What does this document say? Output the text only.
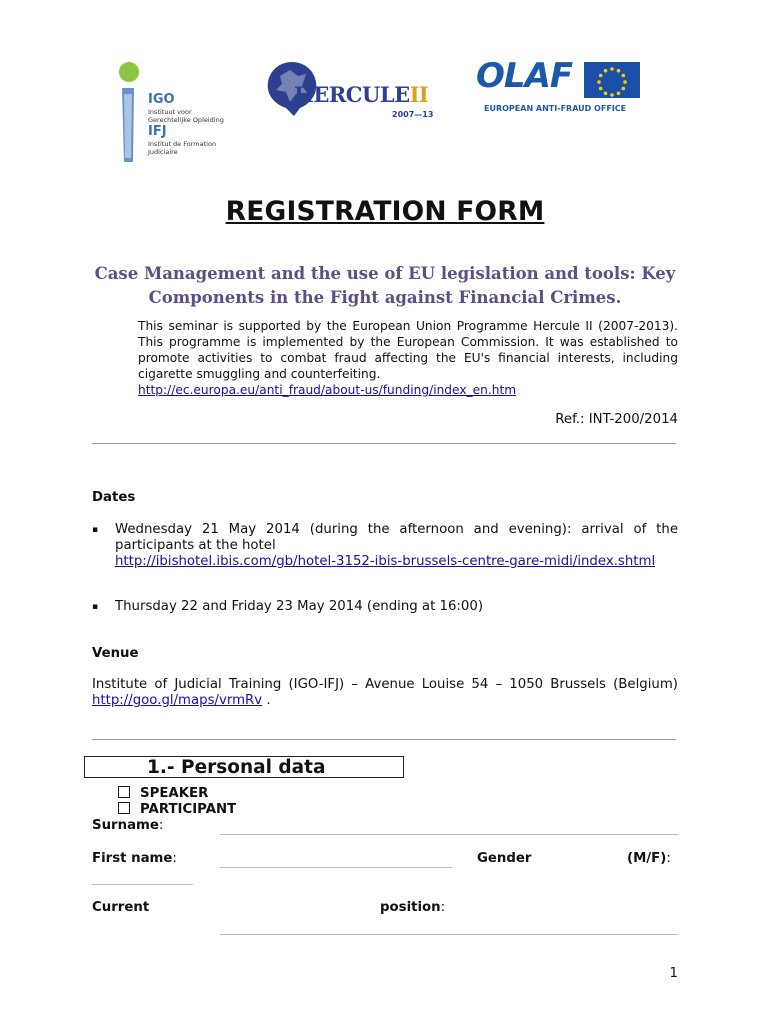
IGO
Instituut voor
Gerechtelijke Opleiding
IFJ
Institut de Formation
Judiciaire
HERCULEII
2007—13
OLAF
EUROPEAN ANTI-FRAUD OFFICE
REGISTRATION FORM
Case Management and the use of EU legislation and tools: Key Components in the Fight against Financial Crimes.
This seminar is supported by the European Union Programme Hercule II (2007-2013). This programme is implemented by the European Commission. It was established to promote activities to combat fraud affecting the EU's financial interests, including cigarette smuggling and counterfeiting.
http://ec.europa.eu/anti_fraud/about-us/funding/index_en.htm
Ref.: INT-200/2014
Dates
▪ Wednesday 21 May 2014 (during the afternoon and evening): arrival of the participants at the hotel
http://ibishotel.ibis.com/gb/hotel-3152-ibis-brussels-centre-gare-midi/index.shtml
▪ Thursday 22 and Friday 23 May 2014 (ending at 16:00)
Venue
Institute of Judicial Training (IGO-IFJ) – Avenue Louise 54 – 1050 Brussels (Belgium) http://goo.gl/maps/vrmRv .
1.- Personal data
SPEAKER
PARTICIPANT
Surname:
First name:	Gender	(M/F):
Current	position:
1
